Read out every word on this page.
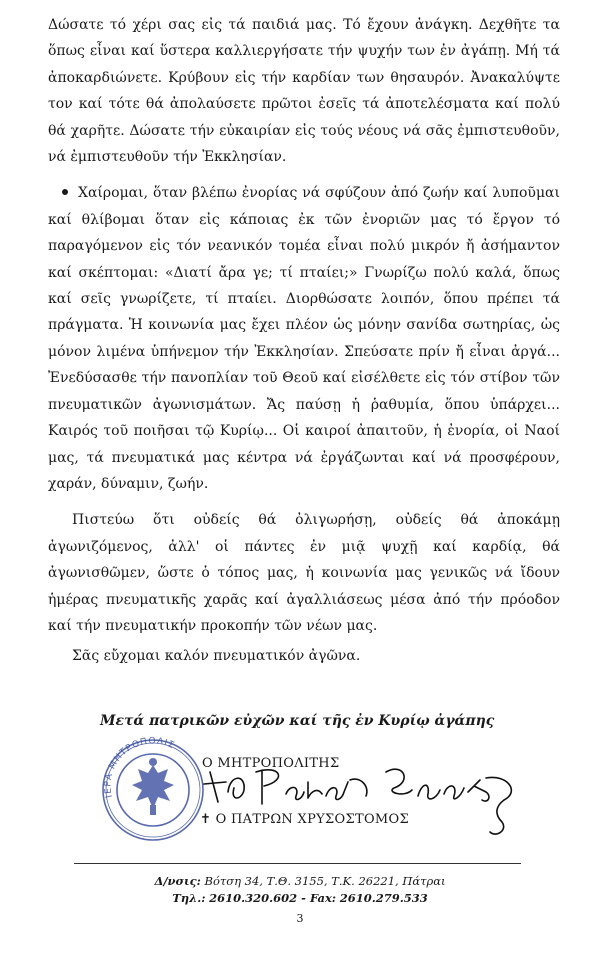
Δώσατε τό χέρι σας εἰς τά παιδιά μας. Τό ἔχουν ἀνάγκη. Δεχθῆτε τα ὅπως εἶναι καί ὕστερα καλλιεργήσατε τήν ψυχήν των ἐν ἀγάπῃ. Μή τά ἀποκαρδιώνετε. Κρύβουν εἰς τήν καρδίαν των θησαυρόν. Ἀνακαλύψτε τον καί τότε θά ἀπολαύσετε πρῶτοι ἐσεῖς τά ἀποτελέσματα καί πολύ θά χαρῆτε. Δώσατε τήν εὐκαιρίαν εἰς τούς νέους νά σᾶς ἐμπιστευθοῦν, νά ἐμπιστευθοῦν τήν Ἐκκλησίαν.

Χαίρομαι, ὅταν βλέπω ἐνορίας νά σφύζουν ἀπό ζωήν καί λυποῦμαι καί θλίβομαι ὅταν εἰς κάποιας ἐκ τῶν ἐνοριῶν μας τό ἔργον τό παραγόμενον εἰς τόν νεανικόν τομέα εἶναι πολύ μικρόν ἤ ἀσήμαντον καί σκέπτομαι: «Διατί ἄρα γε; τί πταίει;» Γνωρίζω πολύ καλά, ὅπως καί σεῖς γνωρίζετε, τί πταίει. Διορθώσατε λοιπόν, ὅπου πρέπει τά πράγματα. Ἡ κοινωνία μας ἔχει πλέον ὡς μόνην σανίδα σωτηρίας, ὡς μόνον λιμένα ὑπήνεμον τήν Ἐκκλησίαν. Σπεύσατε πρίν ἤ εἶναι ἀργά... Ἐνεδύσασθε τήν πανοπλίαν τοῦ Θεοῦ καί εἰσέλθετε εἰς τόν στίβον τῶν πνευματικῶν ἀγωνισμάτων. Ἄς παύσῃ ἡ ῥαθυμία, ὅπου ὑπάρχει... Καιρός τοῦ ποιῆσαι τῷ Κυρίῳ... Οἱ καιροί ἀπαιτοῦν, ἡ ἐνορία, οἱ Ναοί μας, τά πνευματικά μας κέντρα νά ἐργάζωνται καί νά προσφέρουν, χαράν, δύναμιν, ζωήν.

Πιστεύω ὅτι οὐδείς θά ὀλιγωρήσῃ, οὐδείς θά ἀποκάμῃ ἀγωνιζόμενος, ἀλλ' οἱ πάντες ἐν μιᾷ ψυχῇ καί καρδίᾳ, θά ἀγωνισθῶμεν, ὥστε ὁ τόπος μας, ἡ κοινωνία μας γενικῶς νά ἴδουν ἡμέρας πνευματικῆς χαρᾶς καί ἀγαλλιάσεως μέσα ἀπό τήν πρόοδον καί τήν πνευματικήν προκοπήν τῶν νέων μας.

Σᾶς εὔχομαι καλόν πνευματικόν ἀγῶνα.

Μετά πατρικῶν εὐχῶν καί τῆς ἐν Κυρίῳ ἀγάπης
ΙΕΡΑ ΜΗΤΡΟΠΟΛΙΣ
Ο ΜΗΤΡΟΠΟΛΙΤΗΣ
✝ Ο ΠΑΤΡΩΝ ΧΡΥΣΟΣΤΟΜΟΣ
Δ/νσις: Βότση 34, Τ.Θ. 3155, Τ.Κ. 26221, Πάτραι
Τηλ.: 2610.320.602 - Fax: 2610.279.533
3
